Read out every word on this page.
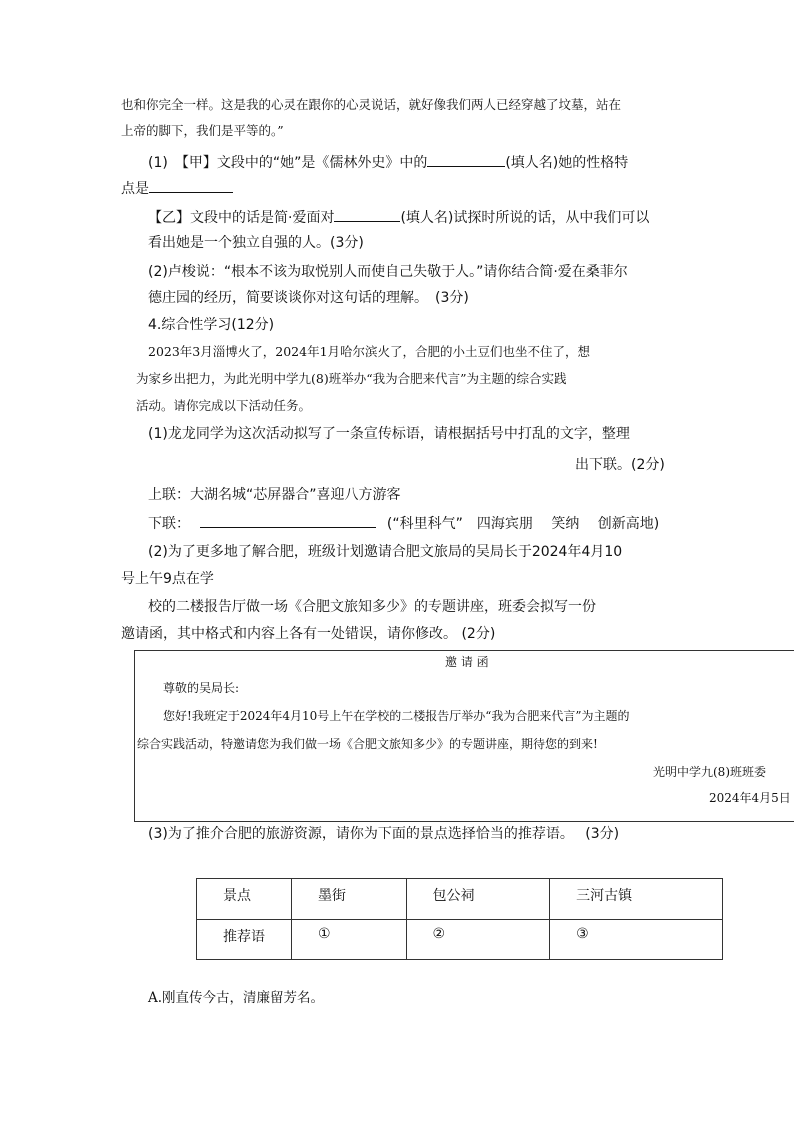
也和你完全一样。这是我的心灵在跟你的心灵说话，就好像我们两人已经穿越了坟墓，站在
上帝的脚下，我们是平等的。”
(1)　【甲】文段中的“她”是《儒林外史》中的	(填人名)她的性格特
点是
【乙】文段中的话是简·爱面对	(填人名)试探时所说的话，从中我们可以
看出她是一个独立自强的人。(3分)
(2)卢梭说：“根本不该为取悦别人而使自己失敬于人。”请你结合简·爱在桑菲尔
德庄园的经历，简要谈谈你对这句话的理解。　(3分)
4.综合性学习(12分)
2023年3月淄博火了，2024年1月哈尔滨火了，合肥的小土豆们也坐不住了，想
为家乡出把力，为此光明中学九(8)班举办“我为合肥来代言”为主题的综合实践
活动。请你完成以下活动任务。
(1)龙龙同学为这次活动拟写了一条宣传标语，请根据括号中打乱的文字，整理
出下联。(2分)
上联：大湖名城“芯屏器合”喜迎八方游客
下联：	(“科里科气”　四海宾朋　 笑纳　 创新高地)
(2)为了更多地了解合肥，班级计划邀请合肥文旅局的吴局长于2024年4月10
号上午9点在学
校的二楼报告厅做一场《合肥文旅知多少》的专题讲座，班委会拟写一份
邀请函，其中格式和内容上各有一处错误，请你修改。 (2分)
邀 请 函
尊敬的吴局长:
您好!我班定于2024年4月10号上午在学校的二楼报告厅举办“我为合肥来代言”为主题的
综合实践活动，特邀请您为我们做一场《合肥文旅知多少》的专题讲座，期待您的到来!
光明中学九(8)班班委
2024年4月5日
(3)为了推介合肥的旅游资源，请你为下面的景点选择恰当的推荐语。　 (3分)
景点	墨街	包公祠	三河古镇
推荐语	①	②	③
A.刚直传今古，清廉留芳名。
